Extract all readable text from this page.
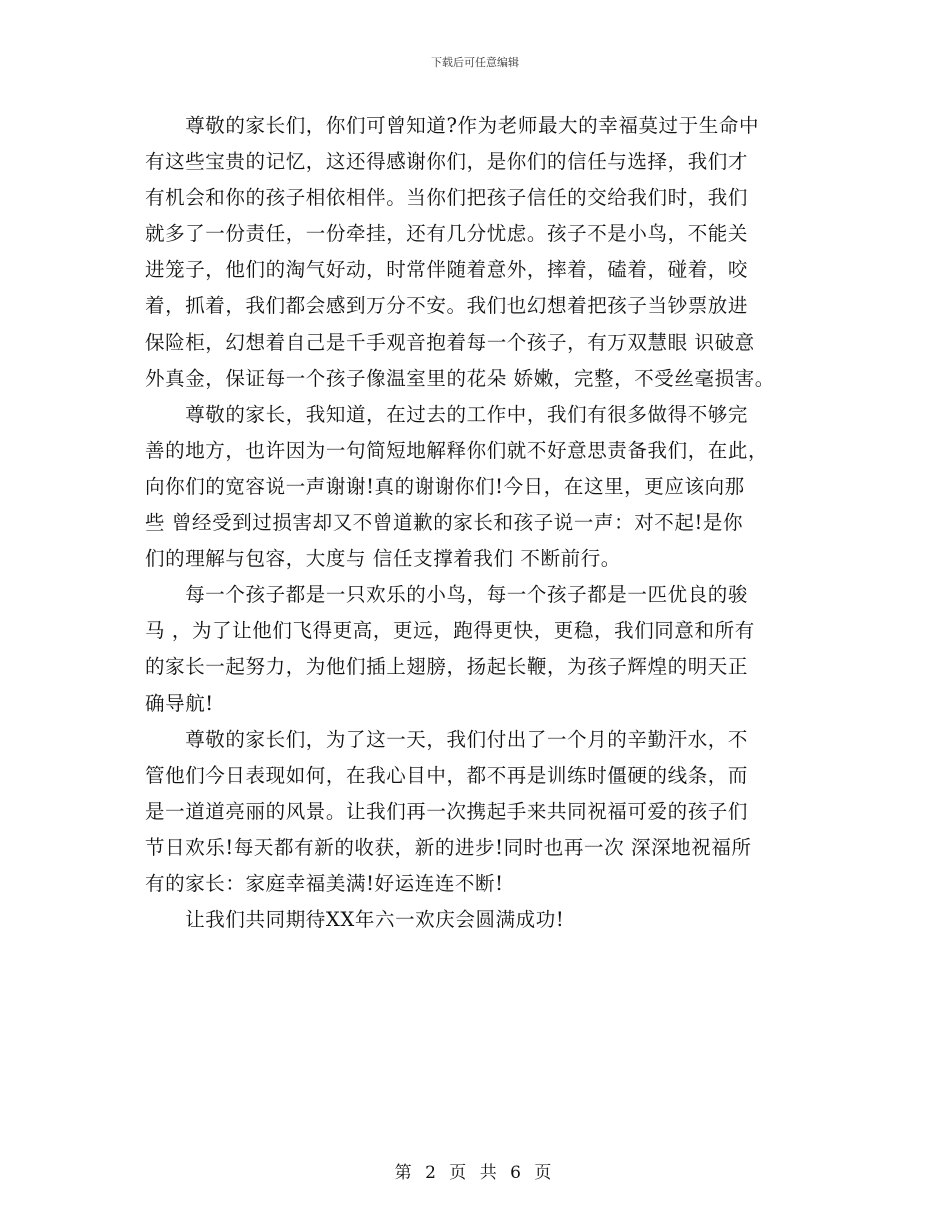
下载后可任意编辑

　　尊敬的家长们，你们可曾知道?作为老师最大的幸福莫过于生命中

有这些宝贵的记忆，这还得感谢你们，是你们的信任与选择，我们才

有机会和你的孩子相依相伴。当你们把孩子信任的交给我们时，我们

就多了一份责任，一份牵挂，还有几分忧虑。孩子不是小鸟，不能关

进笼子，他们的淘气好动，时常伴随着意外，摔着，磕着，碰着，咬

着，抓着，我们都会感到万分不安。我们也幻想着把孩子当钞票放进

保险柜，幻想着自己是千手观音抱着每一个孩子，有万双慧眼 识破意

外真金，保证每一个孩子像温室里的花朵 娇嫩，完整，不受丝毫损害。

　　尊敬的家长，我知道，在过去的工作中，我们有很多做得不够完

善的地方，也许因为一句简短地解释你们就不好意思责备我们，在此，

向你们的宽容说一声谢谢!真的谢谢你们!今日，在这里，更应该向那

些 曾经受到过损害却又不曾道歉的家长和孩子说一声：对不起!是你

们的理解与包容，大度与 信任支撑着我们 不断前行。

　　每一个孩子都是一只欢乐的小鸟，每一个孩子都是一匹优良的骏

马 ，为了让他们飞得更高，更远，跑得更快，更稳，我们同意和所有

的家长一起努力，为他们插上翅膀，扬起长鞭，为孩子辉煌的明天正

确导航!

　　尊敬的家长们，为了这一天，我们付出了一个月的辛勤汗水，不

管他们今日表现如何，在我心目中，都不再是训练时僵硬的线条，而

是一道道亮丽的风景。让我们再一次携起手来共同祝福可爱的孩子们

节日欢乐!每天都有新的收获，新的进步!同时也再一次 深深地祝福所

有的家长：家庭幸福美满!好运连连不断!

　　让我们共同期待XX年六一欢庆会圆满成功!

第 2 页 共 6 页
